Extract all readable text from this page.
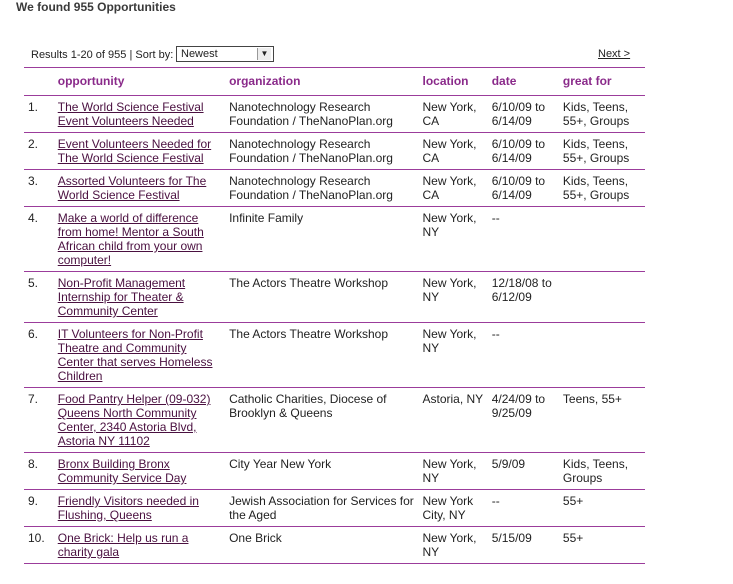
We found 955 Opportunities
Results 1-20 of 955 | Sort by: Newest	▼	Next >
	opportunity	organization	location	date	great for
1.	The World Science Festival Event Volunteers Needed	Nanotechnology Research Foundation / TheNanoPlan.org	New York, CA	6/10/09 to 6/14/09	Kids, Teens, 55+, Groups
2.	Event Volunteers Needed for The World Science Festival	Nanotechnology Research Foundation / TheNanoPlan.org	New York, CA	6/10/09 to 6/14/09	Kids, Teens, 55+, Groups
3.	Assorted Volunteers for The World Science Festival	Nanotechnology Research Foundation / TheNanoPlan.org	New York, CA	6/10/09 to 6/14/09	Kids, Teens, 55+, Groups
4.	Make a world of difference from home! Mentor a South African child from your own computer!	Infinite Family	New York, NY	--	
5.	Non-Profit Management Internship for Theater & Community Center	The Actors Theatre Workshop	New York, NY	12/18/08 to 6/12/09	
6.	IT Volunteers for Non-Profit Theatre and Community Center that serves Homeless Children	The Actors Theatre Workshop	New York, NY	--	
7.	Food Pantry Helper (09-032) Queens North Community Center, 2340 Astoria Blvd, Astoria NY 11102	Catholic Charities, Diocese of Brooklyn & Queens	Astoria, NY	4/24/09 to 9/25/09	Teens, 55+
8.	Bronx Building Bronx Community Service Day	City Year New York	New York, NY	5/9/09	Kids, Teens, Groups
9.	Friendly Visitors needed in Flushing, Queens	Jewish Association for Services for the Aged	New York City, NY	--	55+
10.	One Brick: Help us run a charity gala	One Brick	New York, NY	5/15/09	55+
